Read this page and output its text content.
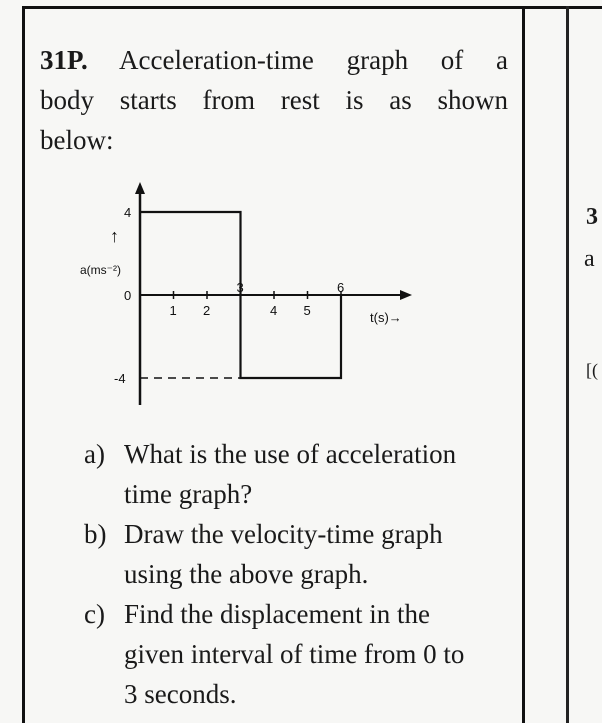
31P. Acceleration-time graph of a
body starts from rest is as shown
below:
1 2
3
4 5
6
4
0
-4
↑
a(ms⁻²)
t(s)→
a) What is the use of acceleration
time graph?
b) Draw the velocity-time graph
using the above graph.
c) Find the displacement in the
given interval of time from 0 to
3 seconds.
3
a
[(
